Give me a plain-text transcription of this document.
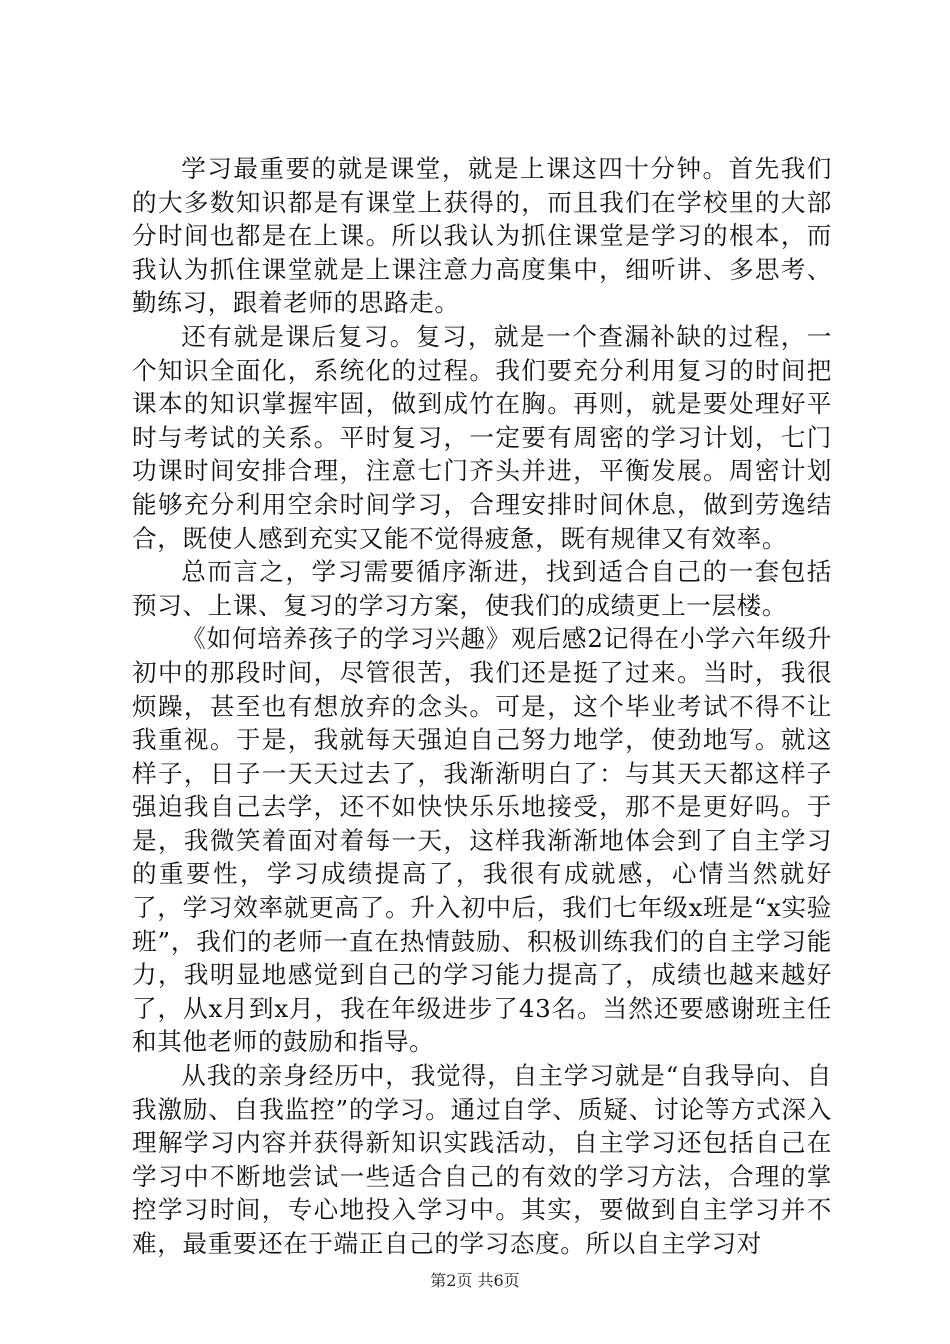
学习最重要的就是课堂，就是上课这四十分钟。首先我们的大多数知识都是有课堂上获得的，而且我们在学校里的大部分时间也都是在上课。所以我认为抓住课堂是学习的根本，而我认为抓住课堂就是上课注意力高度集中，细听讲、多思考、勤练习，跟着老师的思路走。

还有就是课后复习。复习，就是一个查漏补缺的过程，一个知识全面化，系统化的过程。我们要充分利用复习的时间把课本的知识掌握牢固，做到成竹在胸。再则，就是要处理好平时与考试的关系。平时复习，一定要有周密的学习计划，七门功课时间安排合理，注意七门齐头并进，平衡发展。周密计划能够充分利用空余时间学习，合理安排时间休息，做到劳逸结合，既使人感到充实又能不觉得疲惫，既有规律又有效率。

总而言之，学习需要循序渐进，找到适合自己的一套包括预习、上课、复习的学习方案，使我们的成绩更上一层楼。

《如何培养孩子的学习兴趣》观后感2记得在小学六年级升初中的那段时间，尽管很苦，我们还是挺了过来。当时，我很烦躁，甚至也有想放弃的念头。可是，这个毕业考试不得不让我重视。于是，我就每天强迫自己努力地学，使劲地写。就这样子，日子一天天过去了，我渐渐明白了：与其天天都这样子强迫我自己去学，还不如快快乐乐地接受，那不是更好吗。于是，我微笑着面对着每一天，这样我渐渐地体会到了自主学习的重要性，学习成绩提高了，我很有成就感，心情当然就好了，学习效率就更高了。升入初中后，我们七年级x班是“x实验班”，我们的老师一直在热情鼓励、积极训练我们的自主学习能力，我明显地感觉到自己的学习能力提高了，成绩也越来越好了，从x月到x月，我在年级进步了43名。当然还要感谢班主任和其他老师的鼓励和指导。

从我的亲身经历中，我觉得，自主学习就是“自我导向、自我激励、自我监控”的学习。通过自学、质疑、讨论等方式深入理解学习内容并获得新知识实践活动，自主学习还包括自己在学习中不断地尝试一些适合自己的有效的学习方法，合理的掌控学习时间，专心地投入学习中。其实，要做到自主学习并不难，最重要还在于端正自己的学习态度。所以自主学习对

第2页 共6页
